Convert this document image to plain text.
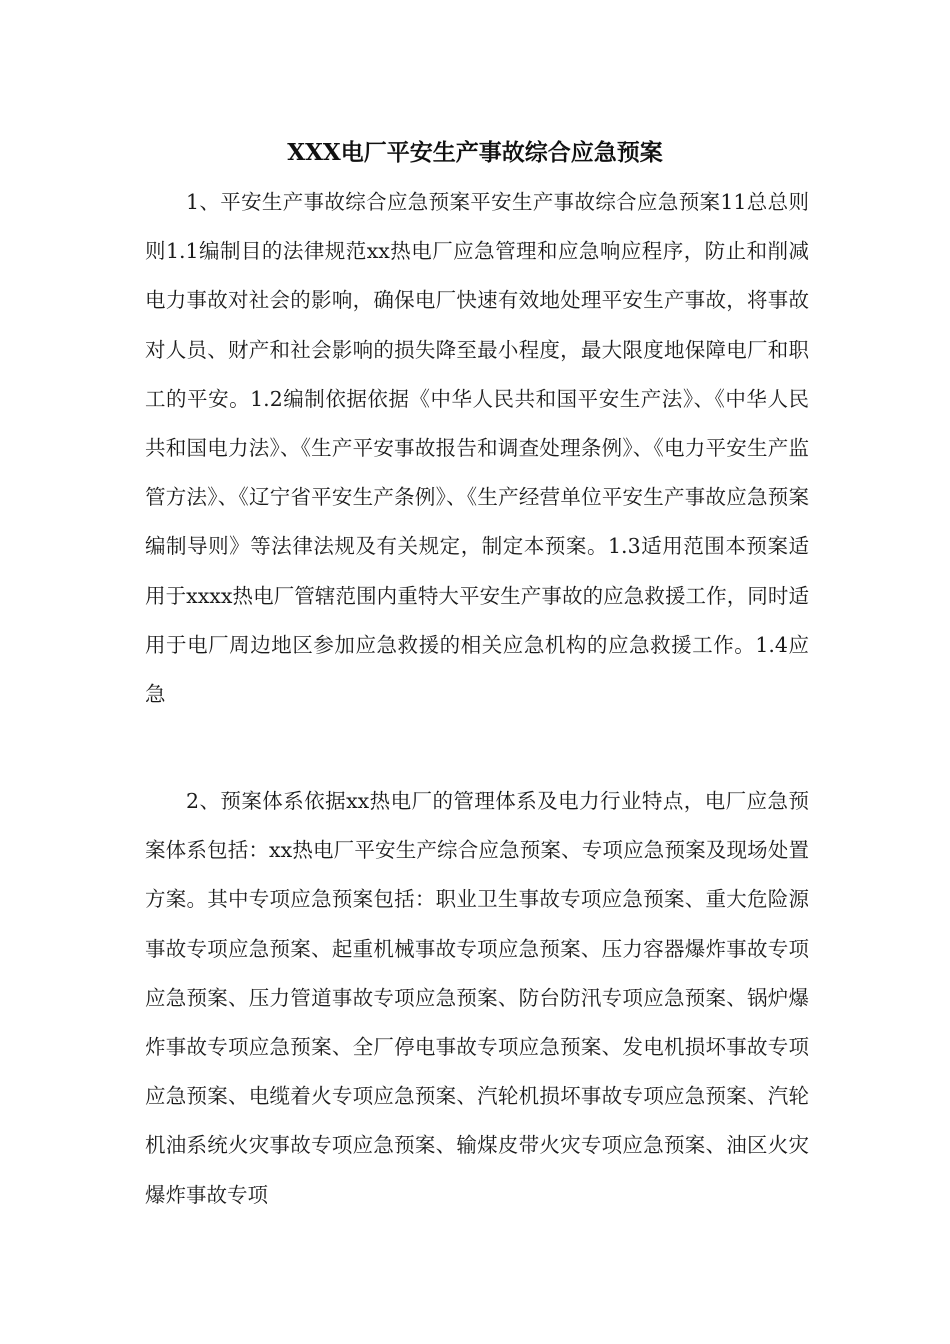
XXX电厂平安生产事故综合应急预案

1、平安生产事故综合应急预案平安生产事故综合应急预案11总总则则1.1编制目的法律规范xx热电厂应急管理和应急响应程序，防止和削减电力事故对社会的影响，确保电厂快速有效地处理平安生产事故，将事故对人员、财产和社会影响的损失降至最小程度，最大限度地保障电厂和职工的平安。1.2编制依据依据《中华人民共和国平安生产法》、《中华人民共和国电力法》、《生产平安事故报告和调查处理条例》、《电力平安生产监管方法》、《辽宁省平安生产条例》、《生产经营单位平安生产事故应急预案编制导则》等法律法规及有关规定，制定本预案。1.3适用范围本预案适用于xxxx热电厂管辖范围内重特大平安生产事故的应急救援工作，同时适用于电厂周边地区参加应急救援的相关应急机构的应急救援工作。1.4应急

2、预案体系依据xx热电厂的管理体系及电力行业特点，电厂应急预案体系包括：xx热电厂平安生产综合应急预案、专项应急预案及现场处置方案。其中专项应急预案包括：职业卫生事故专项应急预案、重大危险源事故专项应急预案、起重机械事故专项应急预案、压力容器爆炸事故专项应急预案、压力管道事故专项应急预案、防台防汛专项应急预案、锅炉爆炸事故专项应急预案、全厂停电事故专项应急预案、发电机损坏事故专项应急预案、电缆着火专项应急预案、汽轮机损坏事故专项应急预案、汽轮机油系统火灾事故专项应急预案、输煤皮带火灾专项应急预案、油区火灾爆炸事故专项
